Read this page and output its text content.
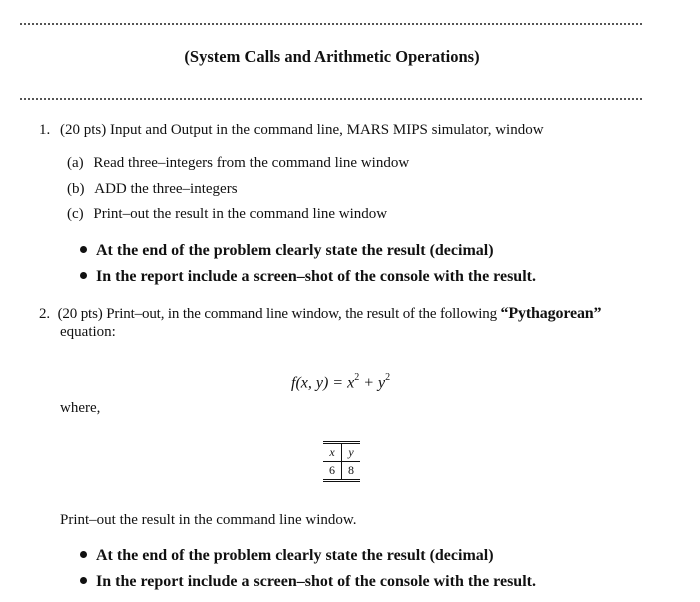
(System Calls and Arithmetic Operations)
1. (20 pts) Input and Output in the command line, MARS MIPS simulator, window
(a) Read three–integers from the command line window
(b) ADD the three–integers
(c) Print–out the result in the command line window
At the end of the problem clearly state the result (decimal)
In the report include a screen–shot of the console with the result.
2. (20 pts) Print–out, in the command line window, the result of the following “Pythagorean”
equation:
f(x, $y) = x^2 + y^2$
where,
x	y
6	8
Print–out the result in the command line window.
At the end of the problem clearly state the result (decimal)
In the report include a screen–shot of the console with the result.
